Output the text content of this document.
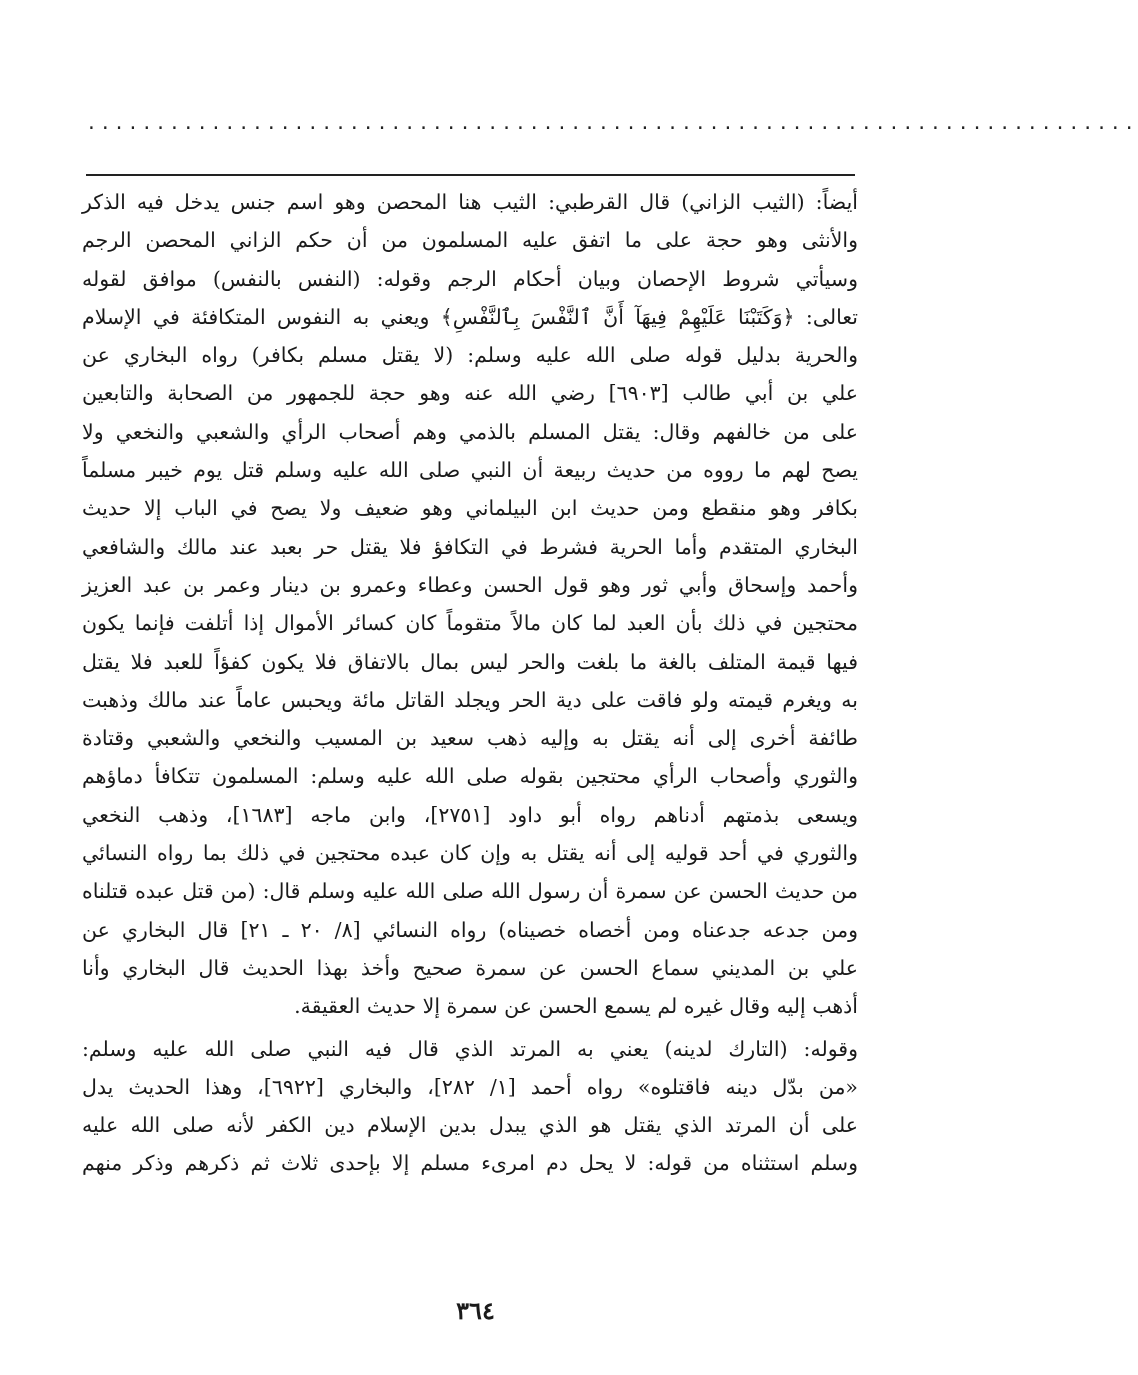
............................................................................
أيضاً: (الثيب الزاني) قال القرطبي: الثيب هنا المحصن وهو اسم جنس يدخل فيه الذكر
والأنثى وهو حجة على ما اتفق عليه المسلمون من أن حكم الزاني المحصن الرجم
وسيأتي شروط الإحصان وبيان أحكام الرجم وقوله: (النفس بالنفس) موافق لقوله
تعالى: ﴿وَكَتَبْنَا عَلَيْهِمْ فِيهَآ أَنَّ ٱلنَّفْسَ بِٱلنَّفْسِ﴾ ويعني به النفوس المتكافئة في الإسلام
والحرية بدليل قوله صلى الله عليه وسلم: (لا يقتل مسلم بكافر) رواه البخاري عن
علي بن أبي طالب [٦٩٠٣] رضي الله عنه وهو حجة للجمهور من الصحابة والتابعين
على من خالفهم وقال: يقتل المسلم بالذمي وهم أصحاب الرأي والشعبي والنخعي ولا
يصح لهم ما رووه من حديث ربيعة أن النبي صلى الله عليه وسلم قتل يوم خيبر مسلماً
بكافر وهو منقطع ومن حديث ابن البيلماني وهو ضعيف ولا يصح في الباب إلا حديث
البخاري المتقدم وأما الحرية فشرط في التكافؤ فلا يقتل حر بعبد عند مالك والشافعي
وأحمد وإسحاق وأبي ثور وهو قول الحسن وعطاء وعمرو بن دينار وعمر بن عبد العزيز
محتجين في ذلك بأن العبد لما كان مالاً متقوماً كان كسائر الأموال إذا أتلفت فإنما يكون
فيها قيمة المتلف بالغة ما بلغت والحر ليس بمال بالاتفاق فلا يكون كفؤاً للعبد فلا يقتل
به ويغرم قيمته ولو فاقت على دية الحر ويجلد القاتل مائة ويحبس عاماً عند مالك وذهبت
طائفة أخرى إلى أنه يقتل به وإليه ذهب سعيد بن المسيب والنخعي والشعبي وقتادة
والثوري وأصحاب الرأي محتجين بقوله صلى الله عليه وسلم: المسلمون تتكافأ دماؤهم
ويسعى بذمتهم أدناهم رواه أبو داود [٢٧٥١]، وابن ماجه [١٦٨٣]، وذهب النخعي
والثوري في أحد قوليه إلى أنه يقتل به وإن كان عبده محتجين في ذلك بما رواه النسائي
من حديث الحسن عن سمرة أن رسول الله صلى الله عليه وسلم قال: (من قتل عبده قتلناه
ومن جدعه جدعناه ومن أخصاه خصيناه) رواه النسائي [٨/ ٢٠ ـ ٢١] قال البخاري عن
علي بن المديني سماع الحسن عن سمرة صحيح وأخذ بهذا الحديث قال البخاري وأنا
أذهب إليه وقال غيره لم يسمع الحسن عن سمرة إلا حديث العقيقة.
وقوله: (التارك لدينه) يعني به المرتد الذي قال فيه النبي صلى الله عليه وسلم:
«من بدّل دينه فاقتلوه» رواه أحمد [١/ ٢٨٢]، والبخاري [٦٩٢٢]، وهذا الحديث يدل
على أن المرتد الذي يقتل هو الذي يبدل بدين الإسلام دين الكفر لأنه صلى الله عليه
وسلم استثناه من قوله: لا يحل دم امرىء مسلم إلا بإحدى ثلاث ثم ذكرهم وذكر منهم
٣٦٤
